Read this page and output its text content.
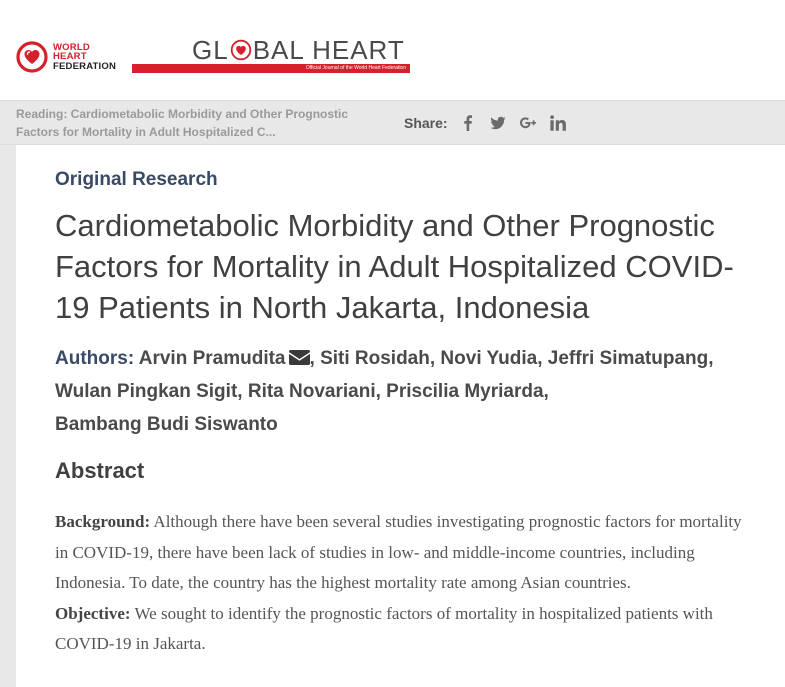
WORLD
HEART
FEDERATION
GL BAL HEART
Official Journal of the World Heart Federation
Reading: Cardiometabolic Morbidity and Other Prognostic Factors for Mortality in Adult Hospitalized C...
Share:
Original Research
Cardiometabolic Morbidity and Other Prognostic Factors for Mortality in Adult Hospitalized COVID-19 Patients in North Jakarta, Indonesia
Authors: Arvin Pramudita , Siti Rosidah, Novi Yudia, Jeffri Simatupang,
Wulan Pingkan Sigit, Rita Novariani, Priscilia Myriarda,
Bambang Budi Siswanto
Abstract

Background: Although there have been several studies investigating prognostic factors for mortality in COVID-19, there have been lack of studies in low- and middle-income countries, including Indonesia. To date, the country has the highest mortality rate among Asian countries.

Objective: We sought to identify the prognostic factors of mortality in hospitalized patients with COVID-19 in Jakarta.
